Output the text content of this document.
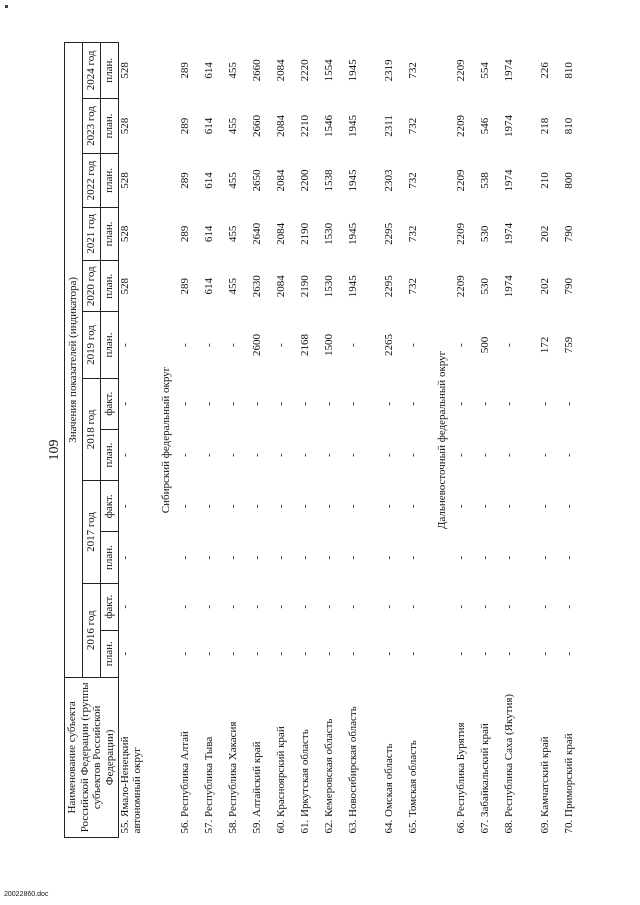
109
Наименование субъекта Российской Федерации (группы субъектов Российской Федерации)	Значения показателей (индикатора)											
	2016 год		2017 год		2018 год		2019 год	2020 год	2021 год	2022 год	2023 год	2024 год
	план.	факт.	план.	факт.	план.	факт.	план.	план.	план.	план.	план.	план.
55. Ямало-Ненецкий автономный округ	-	-	-	-	-	-	-	528	528	528	528	528
Сибирский федеральный округ												
56. Республика Алтай	-	-	-	-	-	-	-	289	289	289	289	289
57. Республика Тыва	-	-	-	-	-	-	-	614	614	614	614	614
58. Республика Хакасия	-	-	-	-	-	-	-	455	455	455	455	455
59. Алтайский край	-	-	-	-	-	-	2600	2630	2640	2650	2660	2660
60. Красноярский край	-	-	-	-	-	-	-	2084	2084	2084	2084	2084
61. Иркутская область	-	-	-	-	-	-	2168	2190	2190	2200	2210	2220
62. Кемеровская область	-	-	-	-	-	-	1500	1530	1530	1538	1546	1554
63. Новосибирская область	-	-	-	-	-	-	-	1945	1945	1945	1945	1945
64. Омская область	-	-	-	-	-	-	2265	2295	2295	2303	2311	2319
65. Томская область	-	-	-	-	-	-	-	732	732	732	732	732
Дальневосточный федеральный округ												
66. Республика Бурятия	-	-	-	-	-	-	-	2209	2209	2209	2209	2209
67. Забайкальский край	-	-	-	-	-	-	500	530	530	538	546	554
68. Республика Саха (Якутия)	-	-	-	-	-	-	-	1974	1974	1974	1974	1974
69. Камчатский край	-	-	-	-	-	-	172	202	202	210	218	226
70. Приморский край	-	-	-	-	-	-	759	790	790	800	810	810
20022860.doc
